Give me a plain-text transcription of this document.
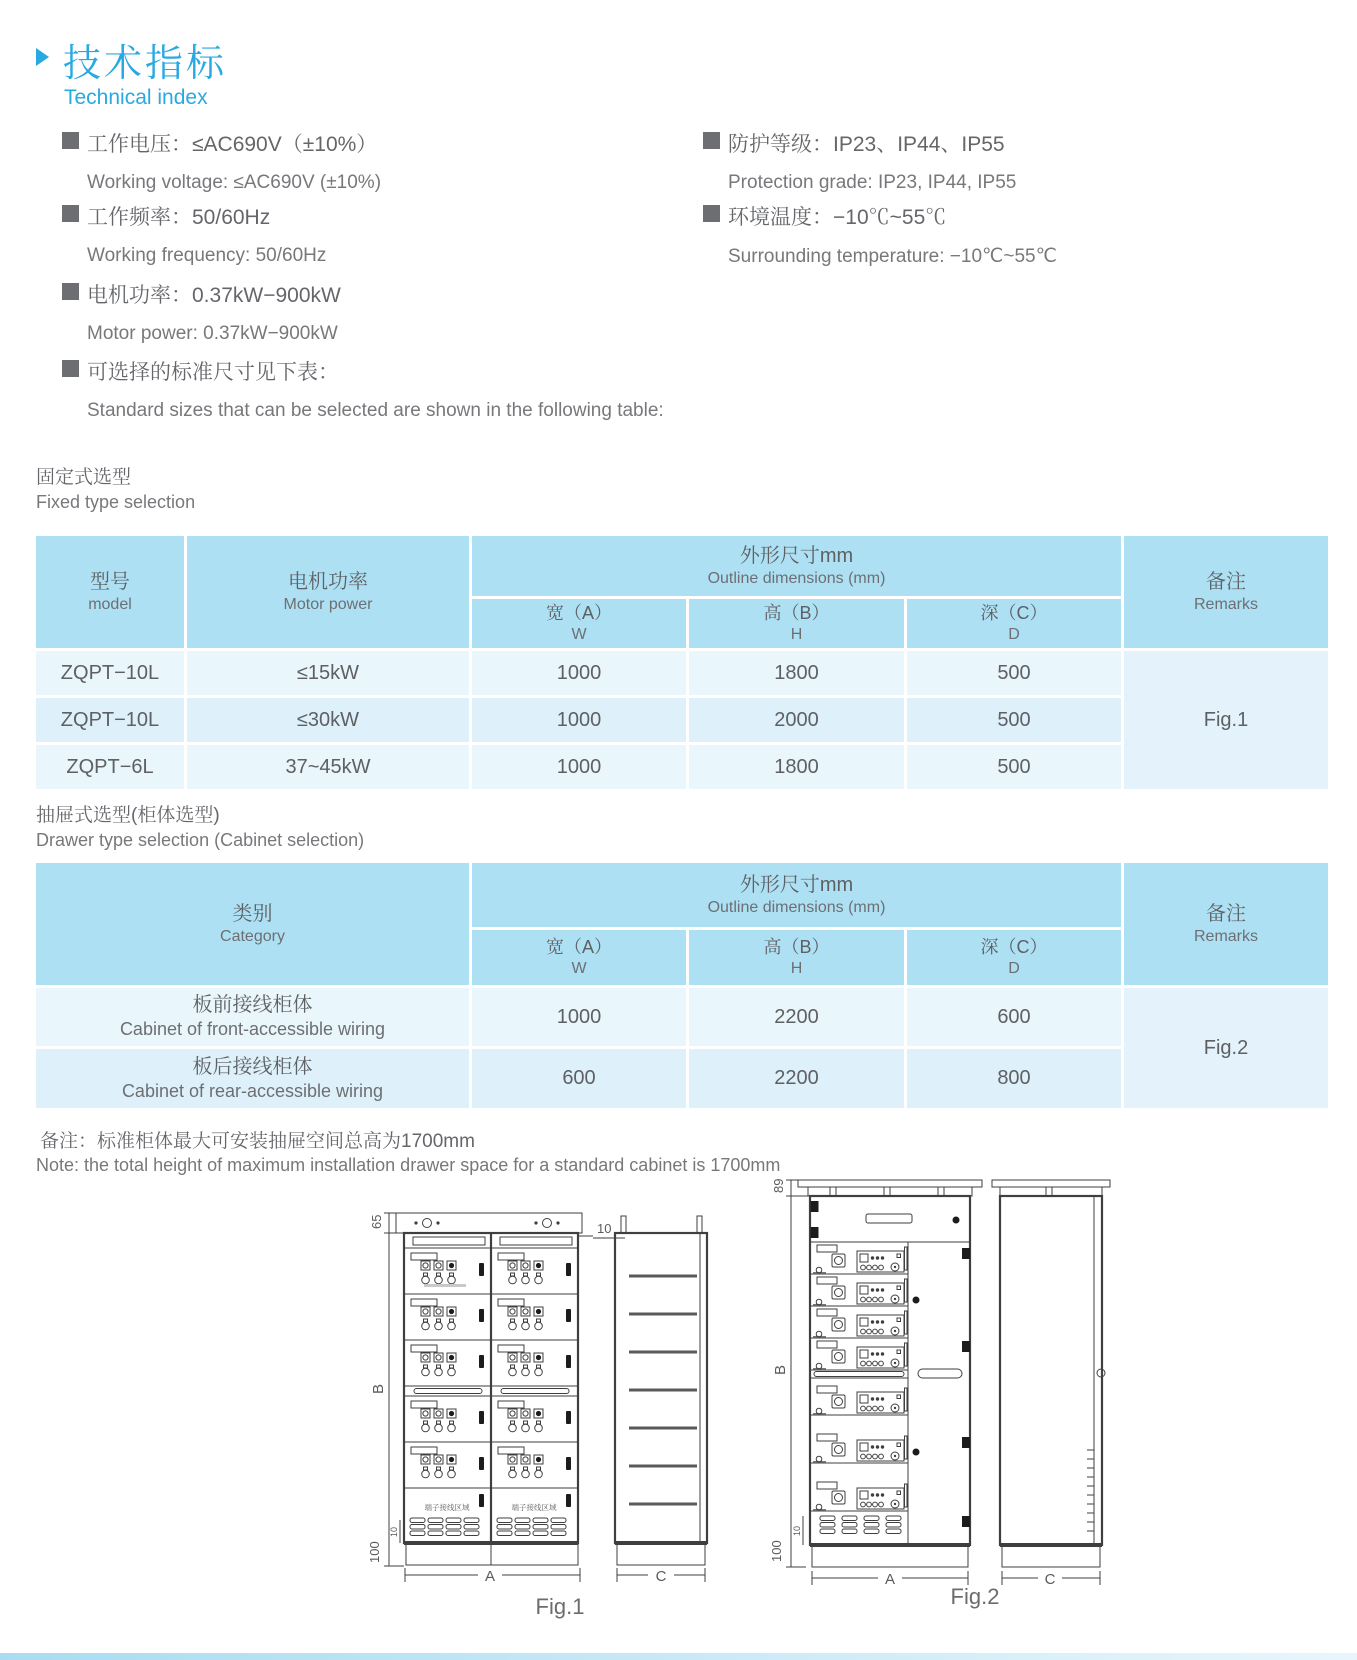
技术指标
Technical index
工作电压：≤AC690V（±10%）
Working voltage: ≤AC690V (±10%)
工作频率：50/60Hz
Working frequency: 50/60Hz
电机功率：0.37kW−900kW
Motor power: 0.37kW−900kW
防护等级：IP23、IP44、IP55
Protection grade: IP23, IP44, IP55
环境温度：−10℃~55℃
Surrounding temperature: −10℃~55℃
可选择的标准尺寸见下表：
Standard sizes that can be selected are shown in the following table:
固定式选型
Fixed type selection
型号
model
电机功率
Motor power
外形尺寸mm
Outline dimensions (mm)	备注
Remarks
宽（A）
W
高（B）
H
深（C）
D
ZQPT−10L	≤15kW	1000	1800	500
Fig.1
ZQPT−10L	≤30kW	1000	2000	500
ZQPT−6L	37~45kW	1000	1800	500
抽屉式选型(柜体选型)
Drawer type selection (Cabinet selection)
类别
Category
外形尺寸mm
Outline dimensions (mm)	备注
Remarks
宽（A）
W
高（B）
H
深（C）
D
板前接线柜体
Cabinet of front-accessible wiring
1000	2200	600
Fig.2
板后接线柜体
Cabinet of rear-accessible wiring
600	2200	800
备注：标准柜体最大可安装抽屉空间总高为1700mm
Note: the total height of maximum installation drawer space for a standard cabinet is 1700mm
端子接线区域	端子接线区域
65
B
100
10
10
A	C
Fig.1
89
B
100
10
A	C
Fig.2
